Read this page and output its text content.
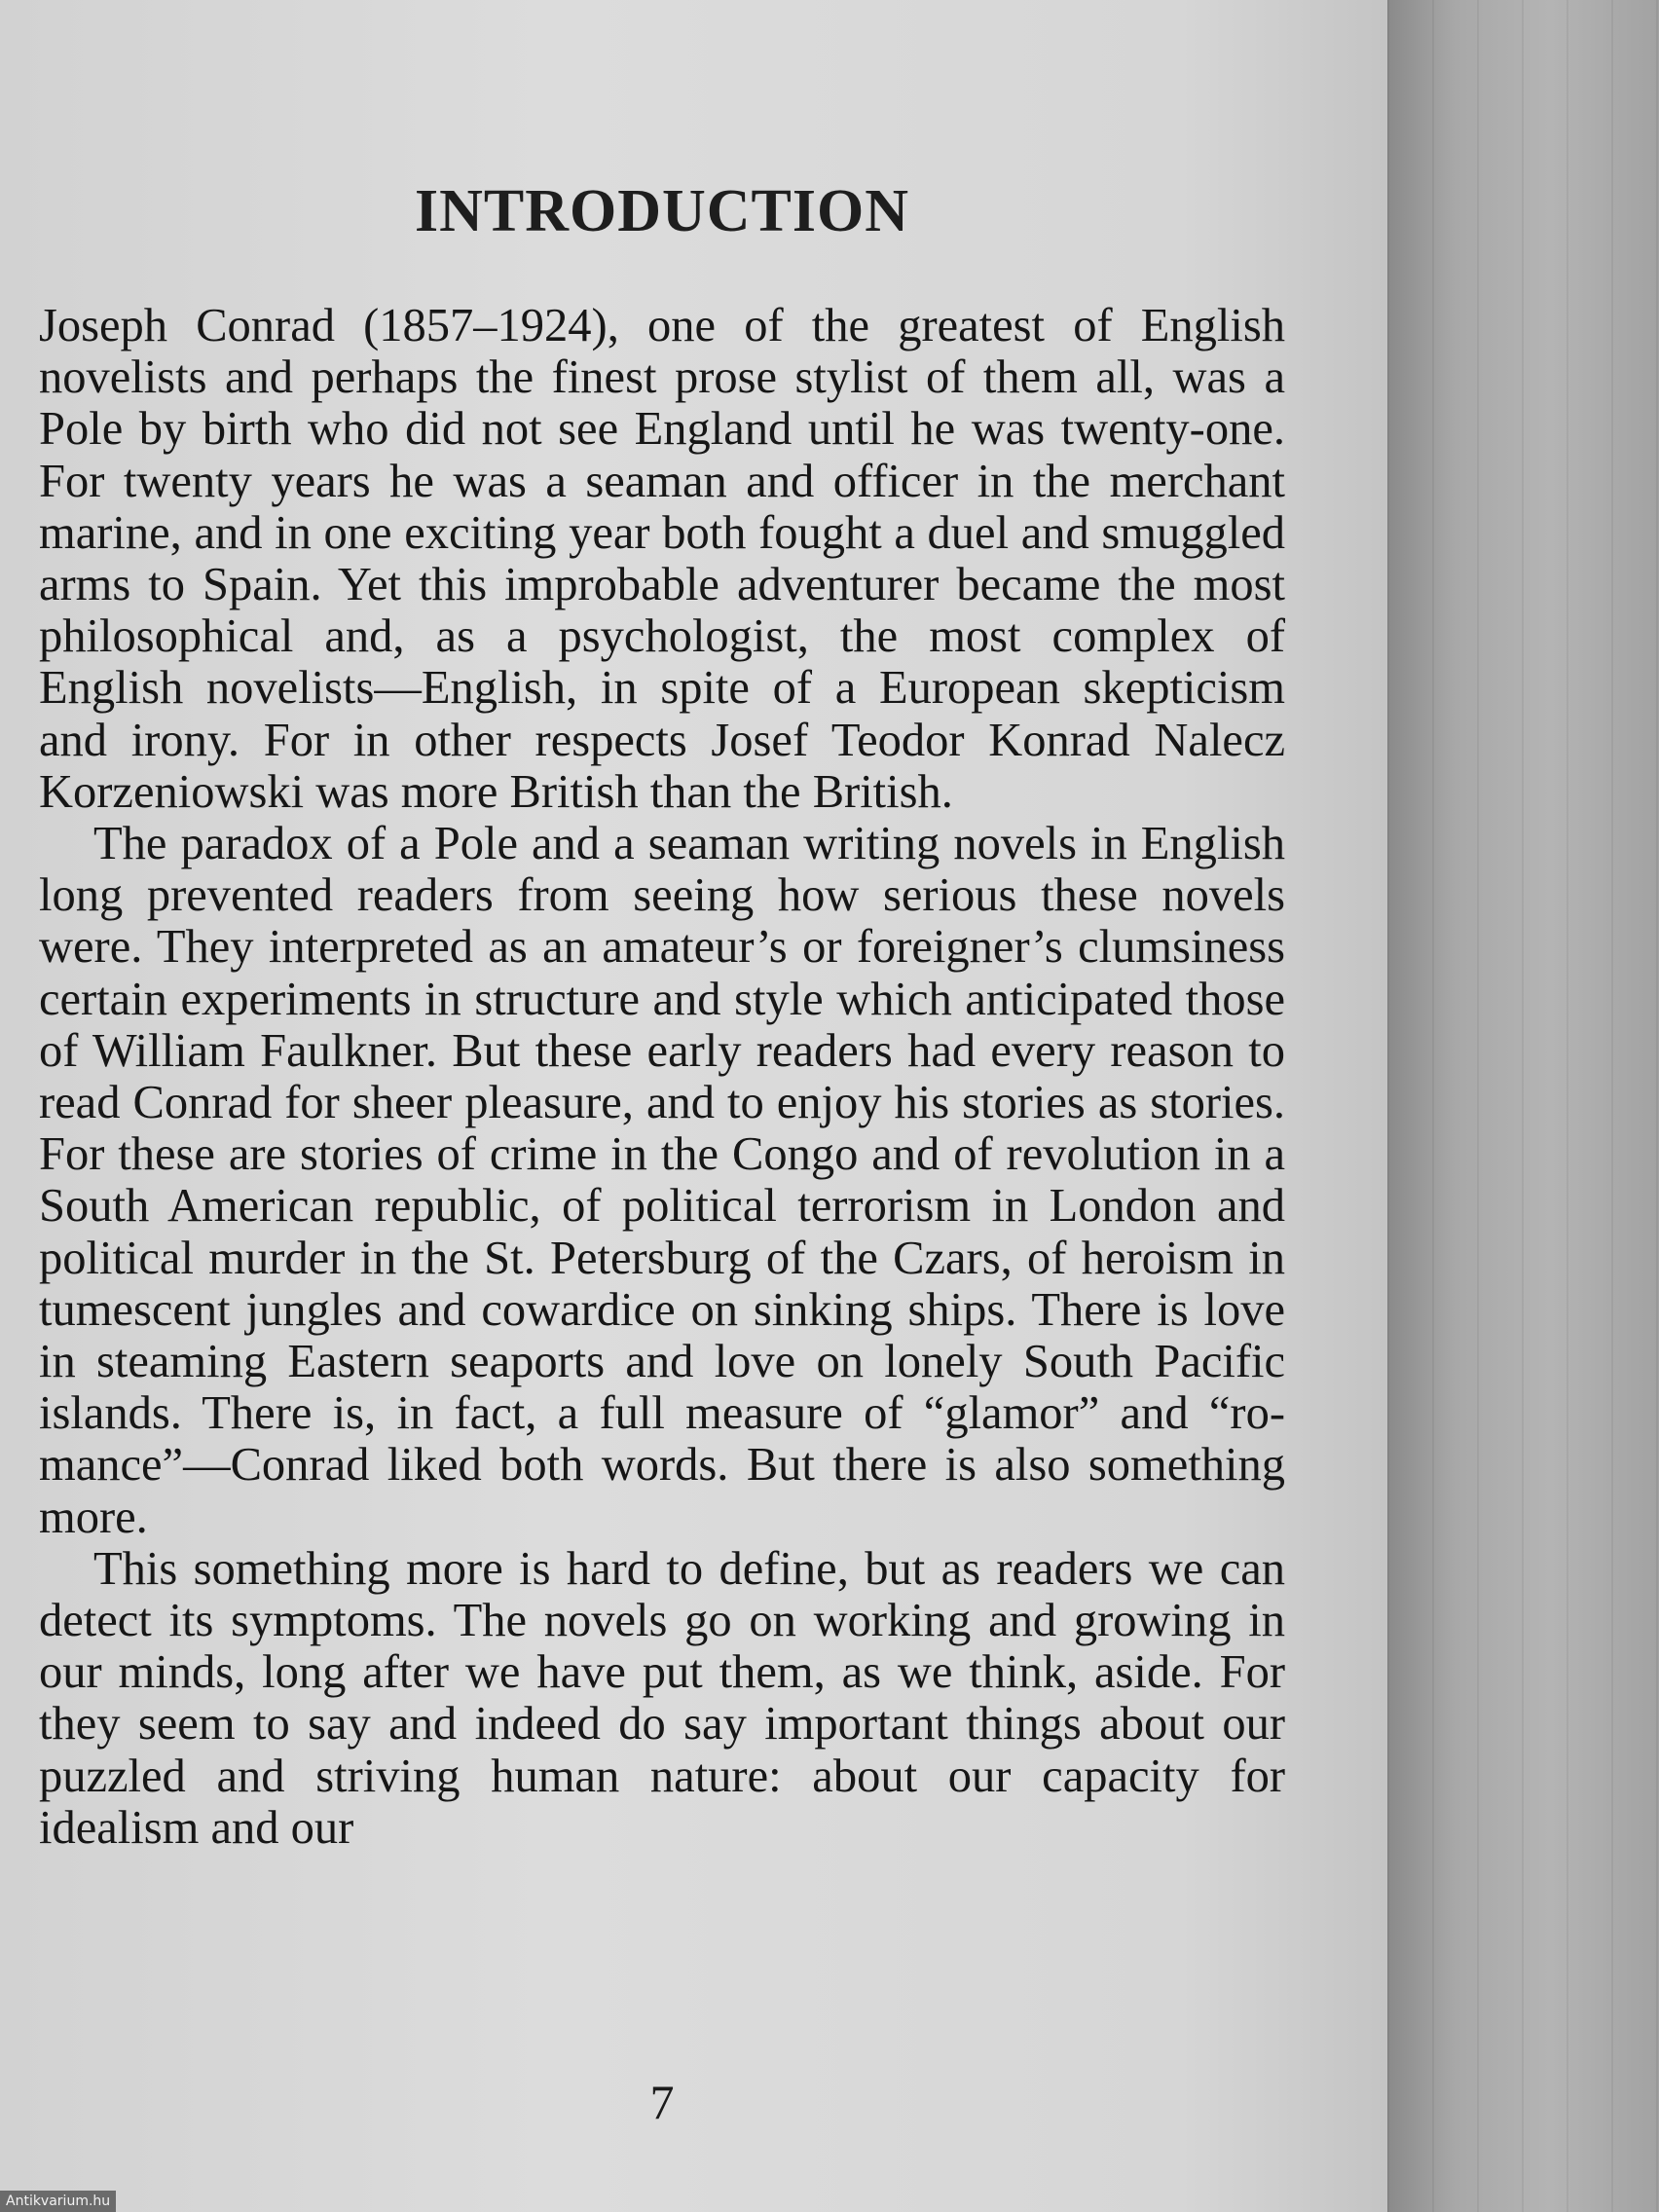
INTRODUCTION

Joseph Conrad (1857–1924), one of the greatest of English novelists and perhaps the finest prose stylist of them all, was a Pole by birth who did not see England until he was twenty-one. For twenty years he was a seaman and officer in the merchant marine, and in one exciting year both fought a duel and smuggled arms to Spain. Yet this improbable adventurer became the most philosophical and, as a psychologist, the most complex of English novelists—English, in spite of a European skepticism and irony. For in other respects Josef Teodor Konrad Nalecz Korzeniowski was more British than the British.

The paradox of a Pole and a seaman writing novels in English long prevented readers from seeing how serious these novels were. They interpreted as an amateur’s or foreigner’s clumsiness certain experiments in structure and style which anticipated those of William Faulkner. But these early readers had every reason to read Conrad for sheer pleasure, and to enjoy his stories as stories. For these are stories of crime in the Congo and of revolution in a South American republic, of political terrorism in London and political murder in the St. Petersburg of the Czars, of heroism in tumescent jungles and cowardice on sinking ships. There is love in steaming Eastern seaports and love on lonely South Pacific islands. There is, in fact, a full measure of “glamor” and “romance”—Conrad liked both words. But there is also something more.

This something more is hard to define, but as readers we can detect its symptoms. The novels go on working and growing in our minds, long after we have put them, as we think, aside. For they seem to say and indeed do say important things about our puzzled and striving human nature: about our capacity for idealism and our

7
Antikvarium.hu
